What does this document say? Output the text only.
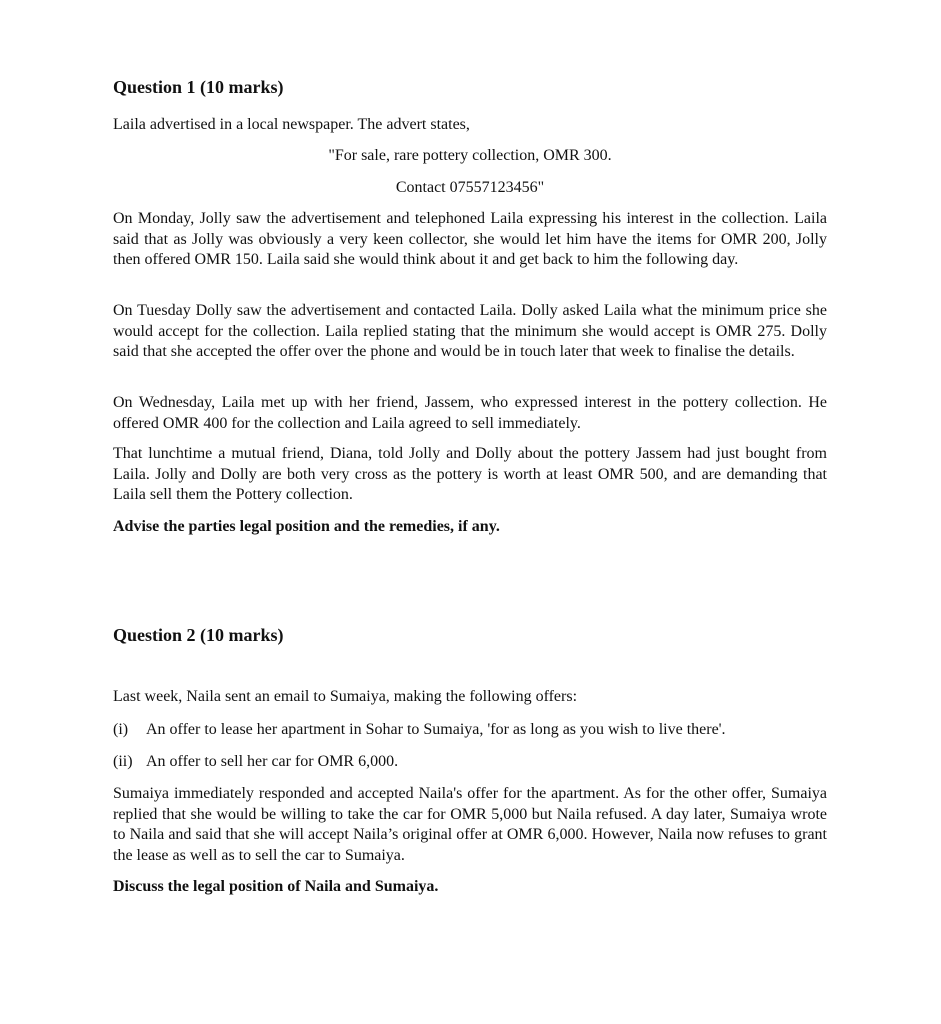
Question 1 (10 marks)

Laila advertised in a local newspaper. The advert states,

"For sale, rare pottery collection, OMR 300.

Contact 07557123456"

On Monday, Jolly saw the advertisement and telephoned Laila expressing his interest in the collection. Laila said that as Jolly was obviously a very keen collector, she would let him have the items for OMR 200, Jolly then offered OMR 150. Laila said she would think about it and get back to him the following day.

On Tuesday Dolly saw the advertisement and contacted Laila. Dolly asked Laila what the minimum price she would accept for the collection. Laila replied stating that the minimum she would accept is OMR 275. Dolly said that she accepted the offer over the phone and would be in touch later that week to finalise the details.

On Wednesday, Laila met up with her friend, Jassem, who expressed interest in the pottery collection. He offered OMR 400 for the collection and Laila agreed to sell immediately.

That lunchtime a mutual friend, Diana, told Jolly and Dolly about the pottery Jassem had just bought from Laila. Jolly and Dolly are both very cross as the pottery is worth at least OMR 500, and are demanding that Laila sell them the Pottery collection.

Advise the parties legal position and the remedies, if any.

Question 2 (10 marks)

Last week, Naila sent an email to Sumaiya, making the following offers:

(i) An offer to lease her apartment in Sohar to Sumaiya, 'for as long as you wish to live there'.

(ii) An offer to sell her car for OMR 6,000.

Sumaiya immediately responded and accepted Naila's offer for the apartment. As for the other offer, Sumaiya replied that she would be willing to take the car for OMR 5,000 but Naila refused. A day later, Sumaiya wrote to Naila and said that she will accept Naila’s original offer at OMR 6,000. However, Naila now refuses to grant the lease as well as to sell the car to Sumaiya.

Discuss the legal position of Naila and Sumaiya.
